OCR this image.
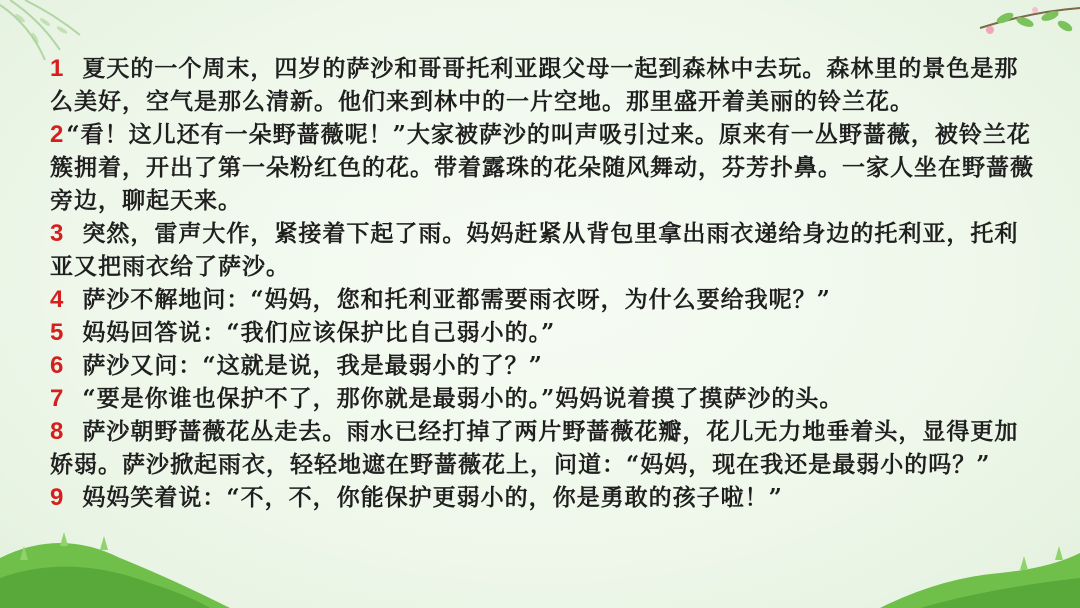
1 夏天的一个周末，四岁的萨沙和哥哥托利亚跟父母一起到森林中去玩。森林里的景色是那么美好，空气是那么清新。他们来到林中的一片空地。那里盛开着美丽的铃兰花。

2“看！这儿还有一朵野蔷薇呢！”大家被萨沙的叫声吸引过来。原来有一丛野蔷薇，被铃兰花簇拥着，开出了第一朵粉红色的花。带着露珠的花朵随风舞动，芬芳扑鼻。一家人坐在野蔷薇旁边，聊起天来。

3 突然，雷声大作，紧接着下起了雨。妈妈赶紧从背包里拿出雨衣递给身边的托利亚，托利亚又把雨衣给了萨沙。

4 萨沙不解地问：“妈妈，您和托利亚都需要雨衣呀，为什么要给我呢？”

5 妈妈回答说：“我们应该保护比自己弱小的。”

6 萨沙又问：“这就是说，我是最弱小的了？”

7 “要是你谁也保护不了，那你就是最弱小的。”妈妈说着摸了摸萨沙的头。

8 萨沙朝野蔷薇花丛走去。雨水已经打掉了两片野蔷薇花瓣，花儿无力地垂着头，显得更加娇弱。萨沙掀起雨衣，轻轻地遮在野蔷薇花上，问道：“妈妈，现在我还是最弱小的吗？”

9 妈妈笑着说：“不，不，你能保护更弱小的，你是勇敢的孩子啦！”
